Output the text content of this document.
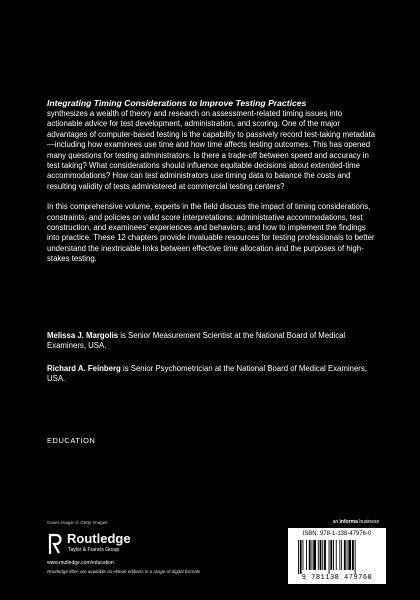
Integrating Timing Considerations to Improve Testing Practices

synthesizes a wealth of theory and research on assessment-related timing issues into actionable advice for test development, administration, and scoring. One of the major advantages of computer-based testing is the capability to passively record test-taking metadata—including how examinees use time and how time affects testing outcomes. This has opened many questions for testing administrators. Is there a trade-off between speed and accuracy in test taking? What considerations should influence equitable decisions about extended-time accommodations? How can test administrators use timing data to balance the costs and resulting validity of tests administered at commercial testing centers?

In this comprehensive volume, experts in the field discuss the impact of timing considerations, constraints, and policies on valid score interpretations; administrative accommodations, test construction, and examinees' experiences and behaviors; and how to implement the findings into practice. These 12 chapters provide invaluable resources for testing professionals to better understand the inextricable links between effective time allocation and the purposes of high-stakes testing.

Melissa J. Margolis is Senior Measurement Scientist at the National Board of Medical Examiners, USA.

Richard A. Feinberg is Senior Psychometrician at the National Board of Medical Examiners, USA.

EDUCATION
Cover image: © Getty Images	an informa business
Routledge
Taylor & Francis Group
www.routledge.com/education
Routledge titles are available as eBook editions in a range of digital formats
ISBN: 978-1-138-47976-0
9 781138 479760
